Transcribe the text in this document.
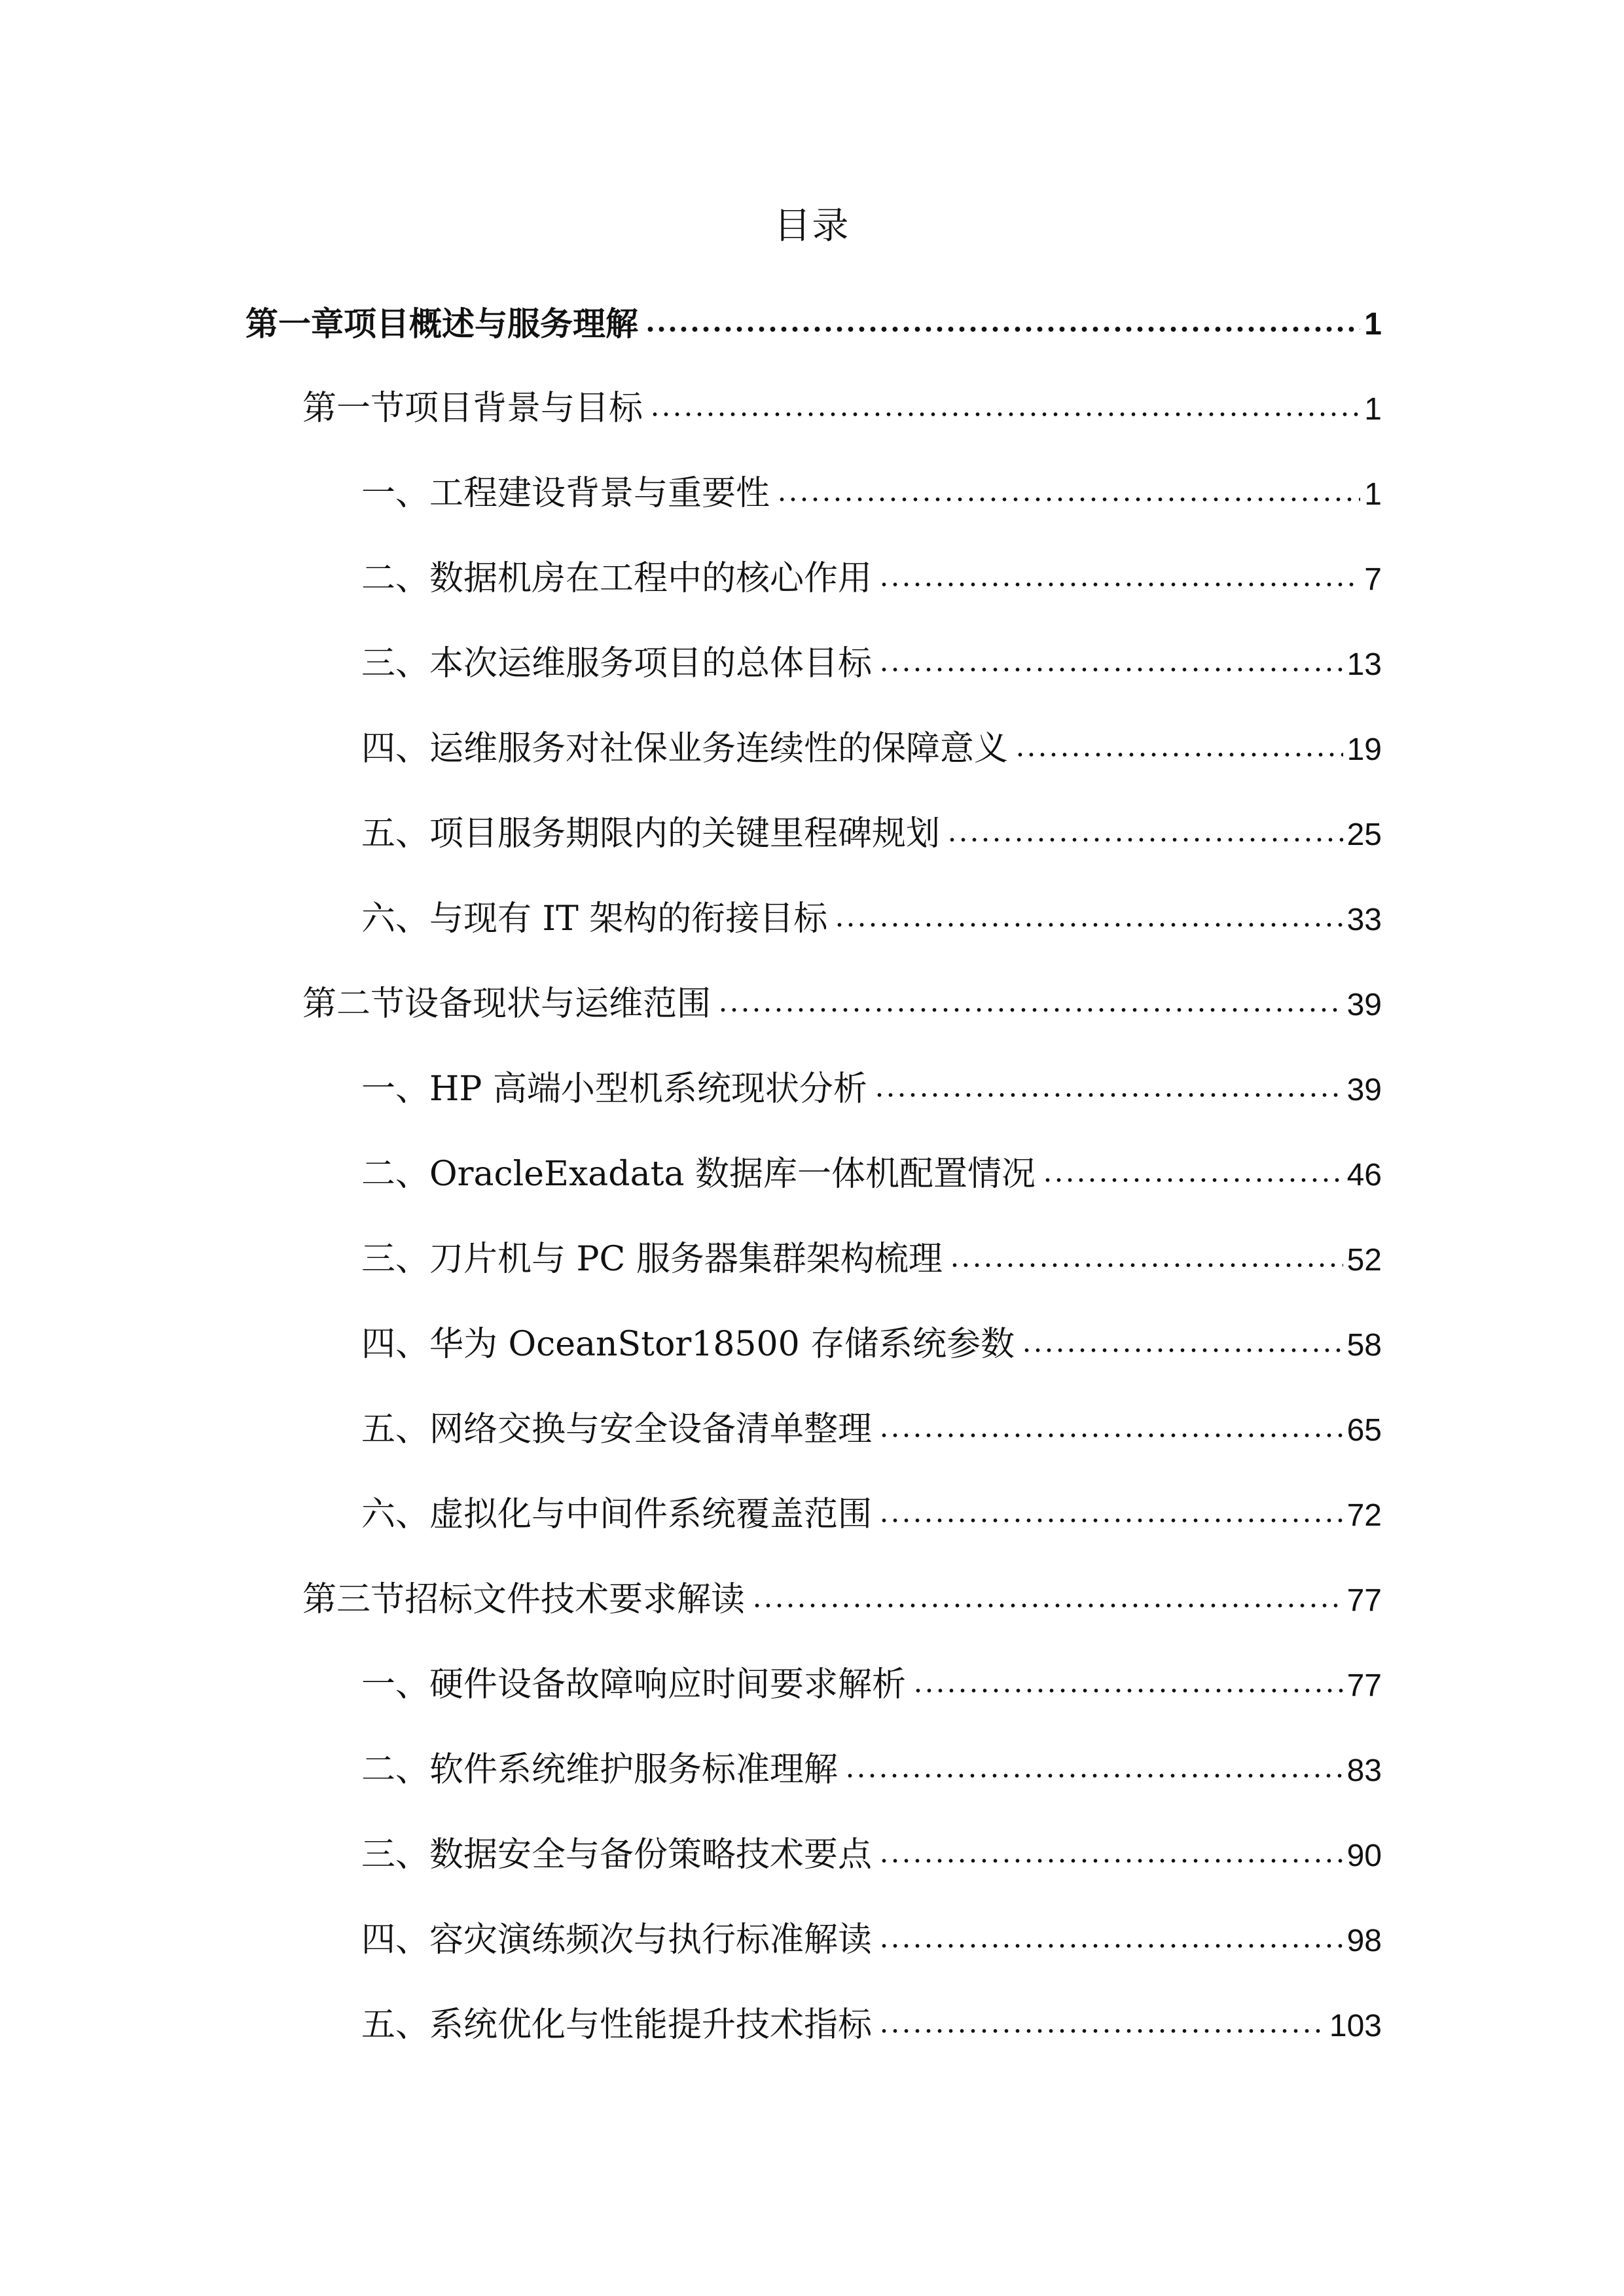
目录
第一章项目概述与服务理解	1
第一节项目背景与目标	1
一、工程建设背景与重要性	1
二、数据机房在工程中的核心作用	7
三、本次运维服务项目的总体目标	13
四、运维服务对社保业务连续性的保障意义	19
五、项目服务期限内的关键里程碑规划	25
六、与现有 IT 架构的衔接目标	33
第二节设备现状与运维范围	39
一、HP 高端小型机系统现状分析	39
二、OracleExadata 数据库一体机配置情况	46
三、刀片机与 PC 服务器集群架构梳理	52
四、华为 OceanStor18500 存储系统参数	58
五、网络交换与安全设备清单整理	65
六、虚拟化与中间件系统覆盖范围	72
第三节招标文件技术要求解读	77
一、硬件设备故障响应时间要求解析	77
二、软件系统维护服务标准理解	83
三、数据安全与备份策略技术要点	90
四、容灾演练频次与执行标准解读	98
五、系统优化与性能提升技术指标	103
